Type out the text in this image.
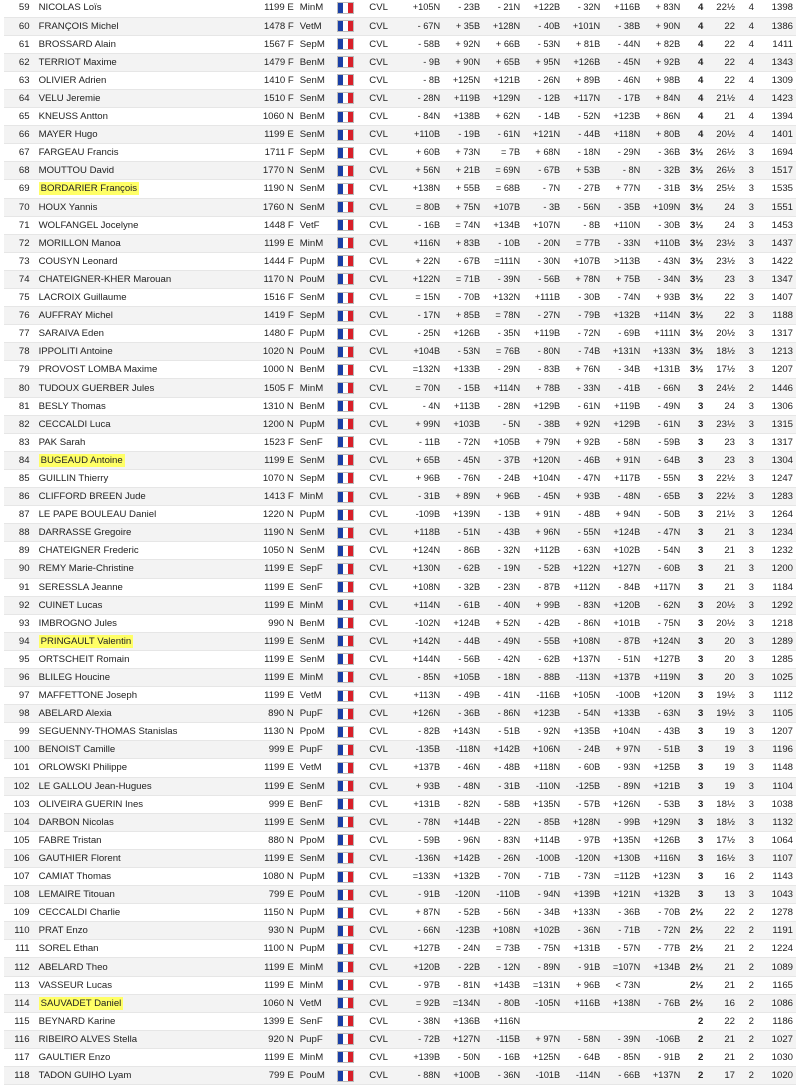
59	NICOLAS Loïs	1199 E	MinM		CVL	+105N	- 23B	- 21N	+122B	- 32N	+116B	+ 83N	4	22½	4	1398
60	FRANÇOIS Michel	1478 F	VetM		CVL	- 67N	+ 35B	+128N	- 40B	+101N	- 38B	+ 90N	4	22	4	1386
61	BROSSARD Alain	1567 F	SepM		CVL	- 58B	+ 92N	+ 66B	- 53N	+ 81B	- 44N	+ 82B	4	22	4	1411
62	TERRIOT Maxime	1479 F	BenM		CVL	- 9B	+ 90N	+ 65B	+ 95N	+126B	- 45N	+ 92B	4	22	4	1343
63	OLIVIER Adrien	1410 F	SenM		CVL	- 8B	+125N	+121B	- 26N	+ 89B	- 46N	+ 98B	4	22	4	1309
64	VELU Jeremie	1510 F	SenM		CVL	- 28N	+119B	+129N	- 12B	+117N	- 17B	+ 84N	4	21½	4	1423
65	KNEUSS Antton	1060 N	BenM		CVL	- 84N	+138B	+ 62N	- 14B	- 52N	+123B	+ 86N	4	21	4	1394
66	MAYER Hugo	1199 E	SenM		CVL	+110B	- 19B	- 61N	+121N	- 44B	+118N	+ 80B	4	20½	4	1401
67	FARGEAU Francis	1711 F	SepM		CVL	+ 60B	+ 73N	= 7B	+ 68N	- 18N	- 29N	- 36B	3½	26½	3	1694
68	MOUTTOU David	1770 N	SenM		CVL	+ 56N	+ 21B	= 69N	- 67B	+ 53B	- 8N	- 32B	3½	26½	3	1517
69	BORDARIER François	1190 N	SenM		CVL	+138N	+ 55B	= 68B	- 7N	- 27B	+ 77N	- 31B	3½	25½	3	1535
70	HOUX Yannis	1760 N	SenM		CVL	= 80B	+ 75N	+107B	- 3B	- 56N	- 35B	+109N	3½	24	3	1551
71	WOLFANGEL Jocelyne	1448 F	VetF		CVL	- 16B	= 74N	+134B	+107N	- 8B	+110N	- 30B	3½	24	3	1453
72	MORILLON Manoa	1199 E	MinM		CVL	+116N	+ 83B	- 10B	- 20N	= 77B	- 33N	+110B	3½	23½	3	1437
73	COUSYN Leonard	1444 F	PupM		CVL	+ 22N	- 67B	=111N	- 30N	+107B	>113B	- 43N	3½	23½	3	1422
74	CHATEIGNER-KHER Marouan	1170 N	PouM		CVL	+122N	= 71B	- 39N	- 56B	+ 78N	+ 75B	- 34N	3½	23	3	1347
75	LACROIX Guillaume	1516 F	SenM		CVL	= 15N	- 70B	+132N	+111B	- 30B	- 74N	+ 93B	3½	22	3	1407
76	AUFFRAY Michel	1419 F	SepM		CVL	- 17N	+ 85B	= 78N	- 27N	- 79B	+132B	+114N	3½	22	3	1188
77	SARAIVA Eden	1480 F	PupM		CVL	- 25N	+126B	- 35N	+119B	- 72N	- 69B	+111N	3½	20½	3	1317
78	IPPOLITI Antoine	1020 N	PouM		CVL	+104B	- 53N	= 76B	- 80N	- 74B	+131N	+133N	3½	18½	3	1213
79	PROVOST LOMBA Maxime	1000 N	BenM		CVL	=132N	+133B	- 29N	- 83B	+ 76N	- 34B	+131B	3½	17½	3	1207
80	TUDOUX GUERBER Jules	1505 F	MinM		CVL	= 70N	- 15B	+114N	+ 78B	- 33N	- 41B	- 66N	3	24½	2	1446
81	BESLY Thomas	1310 N	BenM		CVL	- 4N	+113B	- 28N	+129B	- 61N	+119B	- 49N	3	24	3	1306
82	CECCALDI Luca	1200 N	PupM		CVL	+ 99N	+103B	- 5N	- 38B	+ 92N	+129B	- 61N	3	23½	3	1315
83	PAK Sarah	1523 F	SenF		CVL	- 11B	- 72N	+105B	+ 79N	+ 92B	- 58N	- 59B	3	23	3	1317
84	BUGEAUD Antoine	1199 E	SenM		CVL	+ 65B	- 45N	- 37B	+120N	- 46B	+ 91N	- 64B	3	23	3	1304
85	GUILLIN Thierry	1070 N	SepM		CVL	+ 96B	- 76N	- 24B	+104N	- 47N	+117B	- 55N	3	22½	3	1247
86	CLIFFORD BREEN Jude	1413 F	MinM		CVL	- 31B	+ 89N	+ 96B	- 45N	+ 93B	- 48N	- 65B	3	22½	3	1283
87	LE PAPE BOULEAU Daniel	1220 N	PupM		CVL	-109B	+139N	- 13B	+ 91N	- 48B	+ 94N	- 50B	3	21½	3	1264
88	DARRASSE Gregoire	1190 N	SenM		CVL	+118B	- 51N	- 43B	+ 96N	- 55N	+124B	- 47N	3	21	3	1234
89	CHATEIGNER Frederic	1050 N	SenM		CVL	+124N	- 86B	- 32N	+112B	- 63N	+102B	- 54N	3	21	3	1232
90	REMY Marie-Christine	1199 E	SepF		CVL	+130N	- 62B	- 19N	- 52B	+122N	+127N	- 60B	3	21	3	1200
91	SERESSLA Jeanne	1199 E	SenF		CVL	+108N	- 32B	- 23N	- 87B	+112N	- 84B	+117N	3	21	3	1184
92	CUINET Lucas	1199 E	MinM		CVL	+114N	- 61B	- 40N	+ 99B	- 83N	+120B	- 62N	3	20½	3	1292
93	IMBROGNO Jules	990 N	BenM		CVL	-102N	+124B	+ 52N	- 42B	- 86N	+101B	- 75N	3	20½	3	1218
94	PRINGAULT Valentin	1199 E	SenM		CVL	+142N	- 44B	- 49N	- 55B	+108N	- 87B	+124N	3	20	3	1289
95	ORTSCHEIT Romain	1199 E	SenM		CVL	+144N	- 56B	- 42N	- 62B	+137N	- 51N	+127B	3	20	3	1285
96	BLILEG Houcine	1199 E	MinM		CVL	- 85N	+105B	- 18N	- 88B	-113N	+137B	+119N	3	20	3	1025
97	MAFFETTONE Joseph	1199 E	VetM		CVL	+113N	- 49B	- 41N	-116B	+105N	-100B	+120N	3	19½	3	1112
98	ABELARD Alexia	890 N	PupF		CVL	+126N	- 36B	- 86N	+123B	- 54N	+133B	- 63N	3	19½	3	1105
99	SEGUENNY-THOMAS Stanislas	1130 N	PpoM		CVL	- 82B	+143N	- 51B	- 92N	+135B	+104N	- 43B	3	19	3	1207
100	BENOIST Camille	999 E	PupF		CVL	-135B	-118N	+142B	+106N	- 24B	+ 97N	- 51B	3	19	3	1196
101	ORLOWSKI Philippe	1199 E	VetM		CVL	+137B	- 46N	- 48B	+118N	- 60B	- 93N	+125B	3	19	3	1148
102	LE GALLOU Jean-Hugues	1199 E	SenM		CVL	+ 93B	- 48N	- 31B	-110N	-125B	- 89N	+121B	3	19	3	1104
103	OLIVEIRA GUERIN Ines	999 E	BenF		CVL	+131B	- 82N	- 58B	+135N	- 57B	+126N	- 53B	3	18½	3	1038
104	DARBON Nicolas	1199 E	SenM		CVL	- 78N	+144B	- 22N	- 85B	+128N	- 99B	+129N	3	18½	3	1132
105	FABRE Tristan	880 N	PpoM		CVL	- 59B	- 96N	- 83N	+114B	- 97B	+135N	+126B	3	17½	3	1064
106	GAUTHIER Florent	1199 E	SenM		CVL	-136N	+142B	- 26N	-100B	-120N	+130B	+116N	3	16½	3	1107
107	CAMIAT Thomas	1080 N	PupM		CVL	=133N	+132B	- 70N	- 71B	- 73N	=112B	+123N	3	16	2	1143
108	LEMAIRE Titouan	799 E	PouM		CVL	- 91B	-120N	-110B	- 94N	+139B	+121N	+132B	3	13	3	1043
109	CECCALDI Charlie	1150 N	PupM		CVL	+ 87N	- 52B	- 56N	- 34B	+133N	- 36B	- 70B	2½	22	2	1278
110	PRAT Enzo	930 N	PupM		CVL	- 66N	-123B	+108N	+102B	- 36N	- 71B	- 72N	2½	22	2	1191
111	SOREL Ethan	1100 N	PupM		CVL	+127B	- 24N	= 73B	- 75N	+131B	- 57N	- 77B	2½	21	2	1224
112	ABELARD Theo	1199 E	MinM		CVL	+120B	- 22B	- 12N	- 89N	- 91B	=107N	+134B	2½	21	2	1089
113	VASSEUR Lucas	1199 E	MinM		CVL	- 97B	- 81N	+143B	=131N	+ 96B	< 73N		2½	21	2	1165
114	SAUVADET Daniel	1060 N	VetM		CVL	= 92B	=134N	- 80B	-105N	+116B	+138N	- 76B	2½	16	2	1086
115	BEYNARD Karine	1399 E	SenF		CVL	- 38N	+136B	+116N					2	22	2	1186
116	RIBEIRO ALVES Stella	920 N	PupF		CVL	- 72B	+127N	-115B	+ 97N	- 58N	- 39N	-106B	2	21	2	1027
117	GAULTIER Enzo	1199 E	MinM		CVL	+139B	- 50N	- 16B	+125N	- 64B	- 85N	- 91B	2	21	2	1030
118	TADON GUIHO Lyam	799 E	PouM		CVL	- 88N	+100B	- 36N	-101B	-114N	- 66B	+137N	2	17	2	1020
